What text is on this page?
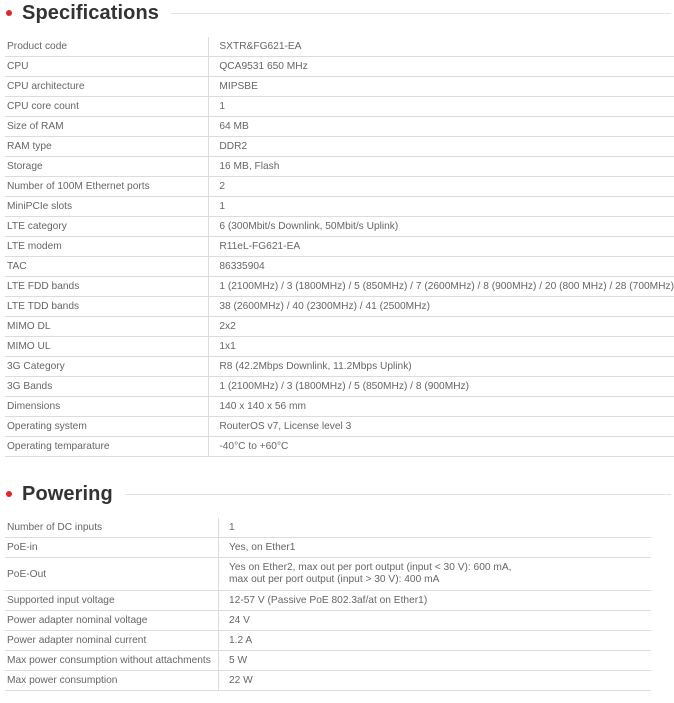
Specifications
Product code	SXTR&FG621-EA
CPU	QCA9531 650 MHz
CPU architecture	MIPSBE
CPU core count	1
Size of RAM	64 MB
RAM type	DDR2
Storage	16 MB, Flash
Number of 100M Ethernet ports	2
MiniPCIe slots	1
LTE category	6 (300Mbit/s Downlink, 50Mbit/s Uplink)
LTE modem	R11eL-FG621-EA
TAC	86335904
LTE FDD bands	1 (2100MHz) / 3 (1800MHz) / 5 (850MHz) / 7 (2600MHz) / 8 (900MHz) / 20 (800 MHz) / 28 (700MHz)
LTE TDD bands	38 (2600MHz) / 40 (2300MHz) / 41 (2500MHz)
MIMO DL	2x2
MIMO UL	1x1
3G Category	R8 (42.2Mbps Downlink, 11.2Mbps Uplink)
3G Bands	1 (2100MHz) / 3 (1800MHz) / 5 (850MHz) / 8 (900MHz)
Dimensions	140 x 140 x 56 mm
Operating system	RouterOS v7, License level 3
Operating temparature	-40°C to +60°C
Powering
Number of DC inputs	1
PoE-in	Yes, on Ether1
PoE-Out	Yes on Ether2, max out per port output (input < 30 V): 600 mA,
max out per port output (input > 30 V): 400 mA

Supported input voltage	12-57 V (Passive PoE 802.3af/at on Ether1)
Power adapter nominal voltage	24 V
Power adapter nominal current	1.2 A
Max power consumption without attachments	5 W
Max power consumption	22 W
